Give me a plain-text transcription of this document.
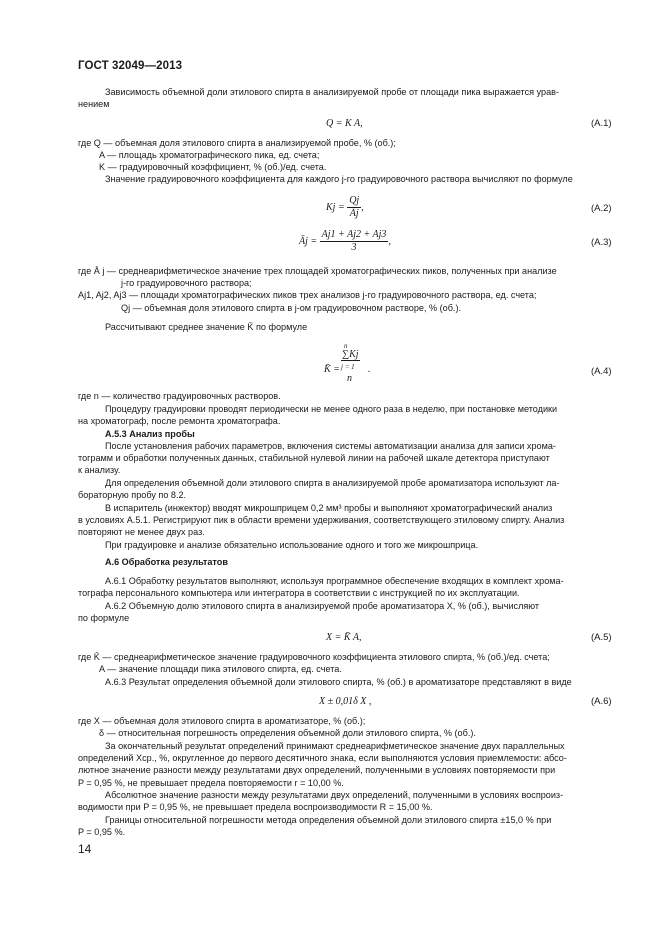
ГОСТ 32049—2013
Зависимость объемной доли этилового спирта в анализируемой пробе от площади пика выражается урав-
нением
Q = K A,	(А.1)
где Q — объемная доля этилового спирта в анализируемой пробе, % (об.);
A — площадь хроматографического пика, ед. счета;
K — градуировочный коэффициент, % (об.)/ед. счета.
Значение градуировочного коэффициента для каждого j-го градуировочного раствора вычисляют по формуле
$Kj = \frac{Qj}{Āj}$ ,	(А.2)
Āj = $\frac{Aj1 + Aj2 + Aj3}{3}$ ,	(А.3)
где Ā j — среднеарифметическое значение трех площадей хроматографических пиков, полученных при анализе
j-го градуировочного раствора;
Aj1, Aj2, Aj3 — площади хроматографических пиков трех анализов j-го градуировочного раствора, ед. счета;
Qj — объемная доля этилового спирта в j-ом градуировочном растворе, % (об.).
Рассчитывают среднее значение K̄ по формуле
K̄ =
n
∑Kj
j = 1
n
.	(А.4)
где n — количество градуировочных растворов.
Процедуру градуировки проводят периодически не менее одного раза в неделю, при постановке методики
на хроматограф, после ремонта хроматографа.
А.5.3 Анализ пробы
После установления рабочих параметров, включения системы автоматизации анализа для записи хрома-
тограмм и обработки полученных данных, стабильной нулевой линии на рабочей шкале детектора приступают
к анализу.
Для определения объемной доли этилового спирта в анализируемой пробе ароматизатора используют ла-
бораторную пробу по 8.2.
В испаритель (инжектор) вводят микрошприцем 0,2 мм³ пробы и выполняют хроматографический анализ
в условиях А.5.1. Регистрируют пик в области времени удерживания, соответствующего этиловому спирту. Анализ
повторяют не менее двух раз.
При градуировке и анализе обязательно использование одного и того же микрошприца.
А.6 Обработка результатов
А.6.1 Обработку результатов выполняют, используя программное обеспечение входящих в комплект хрома-
тографа персонального компьютера или интегратора в соответствии с инструкцией по их эксплуатации.
А.6.2 Объемную долю этилового спирта в анализируемой пробе ароматизатора X, % (об.), вычисляют
по формуле
X = K̄ A,	(А.5)
где K̄ — среднеарифметическое значение градуировочного коэффициента этилового спирта, % (об.)/ед. счета;
A — значение площади пика этилового спирта, ед. счета.
А.6.3 Результат определения объемной доли этилового спирта, % (об.) в ароматизаторе представляют в виде
X ± 0,01δ X ,	(А.6)
где X — объемная доля этилового спирта в ароматизаторе, % (об.);
δ — относительная погрешность определения объемной доли этилового спирта, % (об.).
За окончательный результат определений принимают среднеарифметическое значение двух параллельных
определений Xср., %, округленное до первого десятичного знака, если выполняются условия приемлемости: абсо-
лютное значение разности между результатами двух определений, полученными в условиях повторяемости при
P = 0,95 %, не превышает предела повторяемости r = 10,00 %.
Абсолютное значение разности между результатами двух определений, полученными в условиях воспроиз-
водимости при P = 0,95 %, не превышает предела воспроизводимости R = 15,00 %.
Границы относительной погрешности метода определения объемной доли этилового спирта ±15,0 % при
P = 0,95 %.
14
